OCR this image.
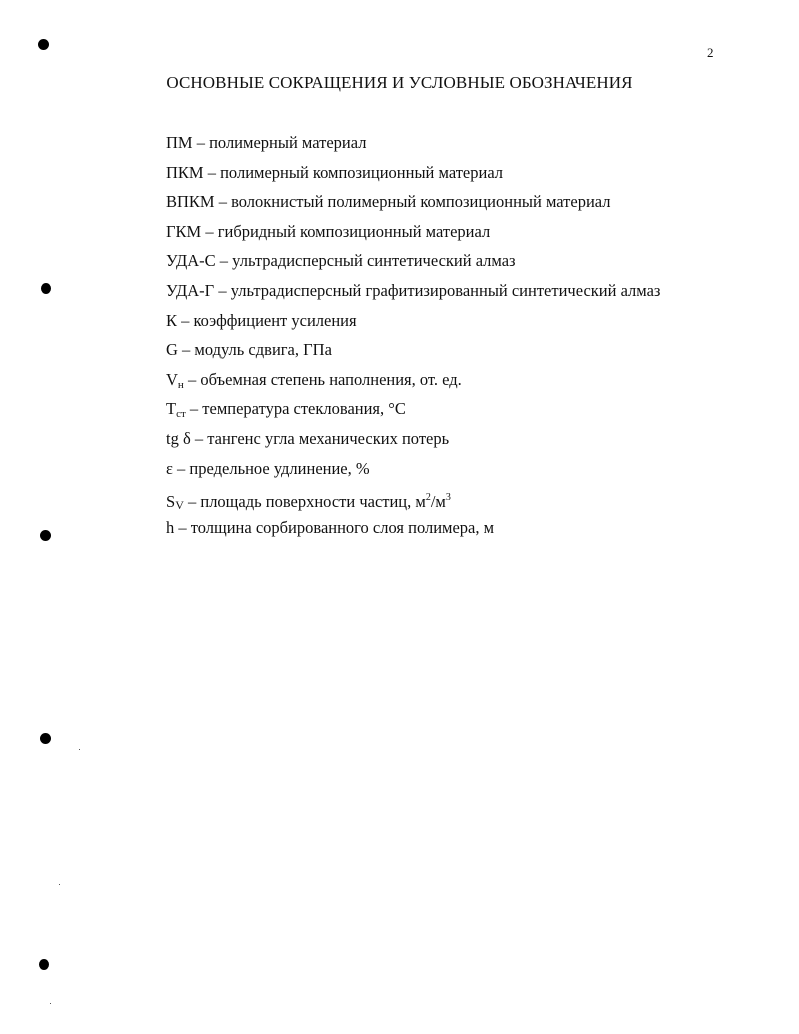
2
ОСНОВНЫЕ СОКРАЩЕНИЯ И УСЛОВНЫЕ ОБОЗНАЧЕНИЯ
ПМ – полимерный материал
ПКМ – полимерный композиционный материал
ВПКМ – волокнистый полимерный композиционный материал
ГКМ – гибридный композиционный материал
УДА-С – ультрадисперсный синтетический алмаз
УДА-Г – ультрадисперсный графитизированный синтетический алмаз
К – коэффициент усиления
G – модуль сдвига, ГПа
$V_н$ – объемная степень наполнения, от. ед.
$T_{ст}$ – температура стеклования, °С
tg δ – тангенс угла механических потерь
ε – предельное удлинение, %
SV – площадь поверхности частиц, $м^2/м^3$
h – толщина сорбированного слоя полимера, м
